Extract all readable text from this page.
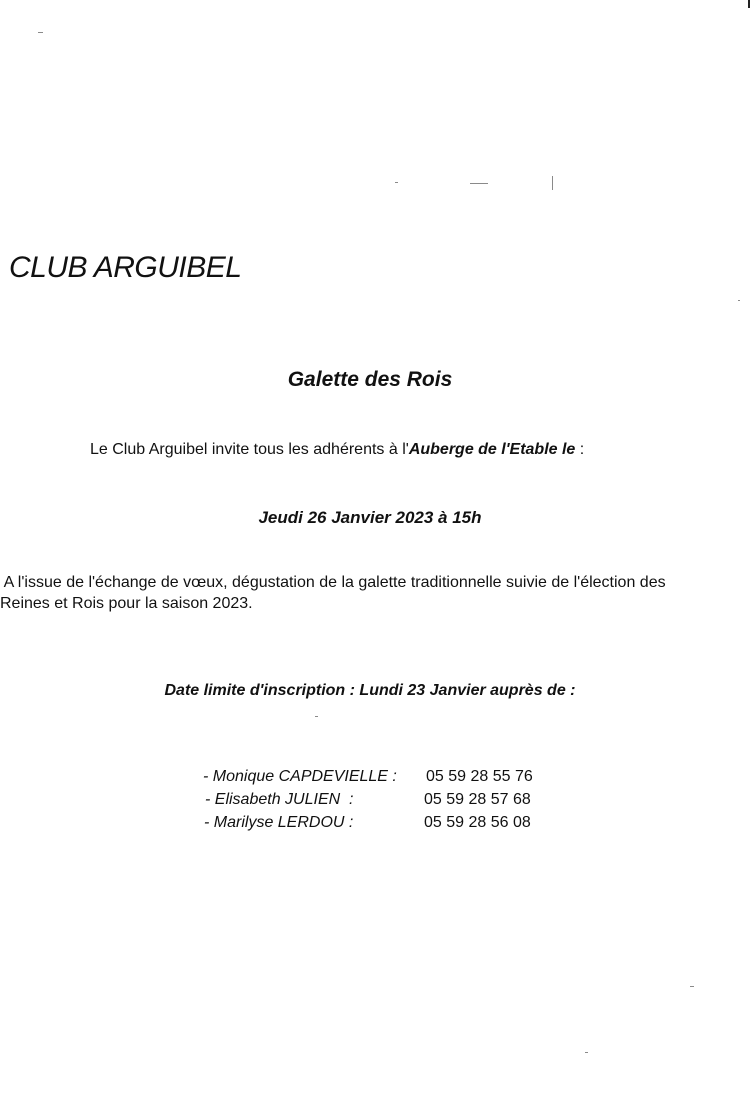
CLUB ARGUIBEL
Galette des Rois
Le Club Arguibel invite tous les adhérents à l'Auberge de l'Etable le :
Jeudi 26 Janvier 2023 à 15h
A l'issue de l'échange de vœux, dégustation de la galette traditionnelle suivie de l'élection des
Reines et Rois pour la saison 2023.
Date limite d'inscription : Lundi 23 Janvier auprès de :
- Monique CAPDEVIELLE : 05 59 28 55 76
- Elisabeth JULIEN  :	05 59 28 57 68
- Marilyse LERDOU :	05 59 28 56 08
